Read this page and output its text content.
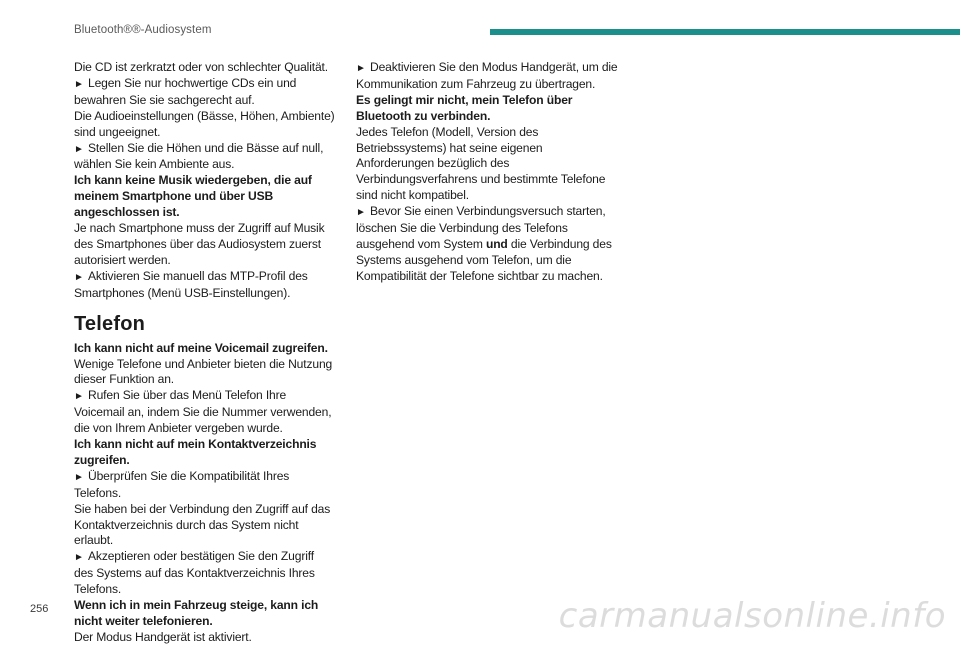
Bluetooth®®-Audiosystem

Die CD ist zerkratzt oder von schlechter Qualität.

► Legen Sie nur hochwertige CDs ein und bewahren Sie sie sachgerecht auf.

Die Audioeinstellungen (Bässe, Höhen, Ambiente) sind ungeeignet.

► Stellen Sie die Höhen und die Bässe auf null, wählen Sie kein Ambiente aus.

Ich kann keine Musik wiedergeben, die auf meinem Smartphone und über USB angeschlossen ist.

Je nach Smartphone muss der Zugriff auf Musik des Smartphones über das Audiosystem zuerst autorisiert werden.

► Aktivieren Sie manuell das MTP-Profil des Smartphones (Menü USB-Einstellungen).

Telefon

Ich kann nicht auf meine Voicemail zugreifen.

Wenige Telefone und Anbieter bieten die Nutzung dieser Funktion an.

► Rufen Sie über das Menü Telefon Ihre Voicemail an, indem Sie die Nummer verwenden, die von Ihrem Anbieter vergeben wurde.

Ich kann nicht auf mein Kontaktverzeichnis zugreifen.

► Überprüfen Sie die Kompatibilität Ihres Telefons.

Sie haben bei der Verbindung den Zugriff auf das Kontaktverzeichnis durch das System nicht erlaubt.

► Akzeptieren oder bestätigen Sie den Zugriff des Systems auf das Kontaktverzeichnis Ihres Telefons.

Wenn ich in mein Fahrzeug steige, kann ich nicht weiter telefonieren.

Der Modus Handgerät ist aktiviert.

► Deaktivieren Sie den Modus Handgerät, um die Kommunikation zum Fahrzeug zu übertragen.

Es gelingt mir nicht, mein Telefon über Bluetooth zu verbinden.

Jedes Telefon (Modell, Version des Betriebssystems) hat seine eigenen Anforderungen bezüglich des Verbindungsverfahrens und bestimmte Telefone sind nicht kompatibel.

► Bevor Sie einen Verbindungsversuch starten, löschen Sie die Verbindung des Telefons ausgehend vom System und die Verbindung des Systems ausgehend vom Telefon, um die Kompatibilität der Telefone sichtbar zu machen.

256	carmanualsonline.info
